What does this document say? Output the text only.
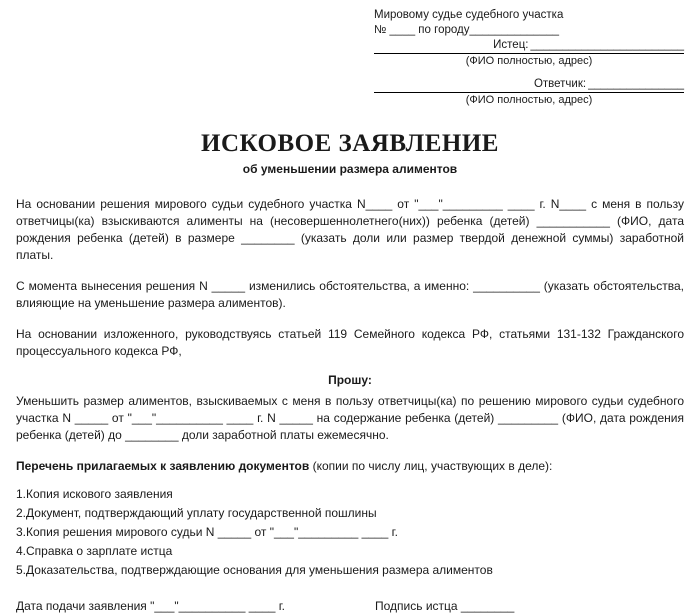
Мировому судье судебного участка
№ ____ по городу______________
Истец: ________________________
(ФИО полностью, адрес)
Ответчик: _______________
(ФИО полностью, адрес)
ИСКОВОЕ ЗАЯВЛЕНИЕ
об уменьшении размера алиментов
На основании решения мирового судьи судебного участка N____ от "___"_________ ____ г. N____ с меня в пользу ответчицы(ка) взыскиваются алименты на (несовершеннолетнего(них)) ребенка (детей) ___________ (ФИО, дата рождения ребенка (детей) в размере ________ (указать доли или размер твердой денежной суммы) заработной платы.
С момента вынесения решения N _____ изменились обстоятельства, а именно: __________ (указать обстоятельства, влияющие на уменьшение размера алиментов).
На основании изложенного, руководствуясь статьей 119 Семейного кодекса РФ, статьями 131-132 Гражданского процессуального кодекса РФ,
Прошу:
Уменьшить размер алиментов, взыскиваемых с меня в пользу ответчицы(ка) по решению мирового судьи судебного участка N _____ от "___"__________ ____ г. N _____ на содержание ребенка (детей) _________ (ФИО, дата рождения ребенка (детей) до ________ доли заработной платы ежемесячно.
Перечень прилагаемых к заявлению документов (копии по числу лиц, участвующих в деле):
1.Копия искового заявления
2.Документ, подтверждающий уплату государственной пошлины
3.Копия решения мирового судьи N _____ от "___"_________ ____ г.
4.Справка о зарплате истца
5.Доказательства, подтверждающие основания для уменьшения размера алиментов
Дата подачи заявления "___"__________ ____ г.	Подпись истца ________
